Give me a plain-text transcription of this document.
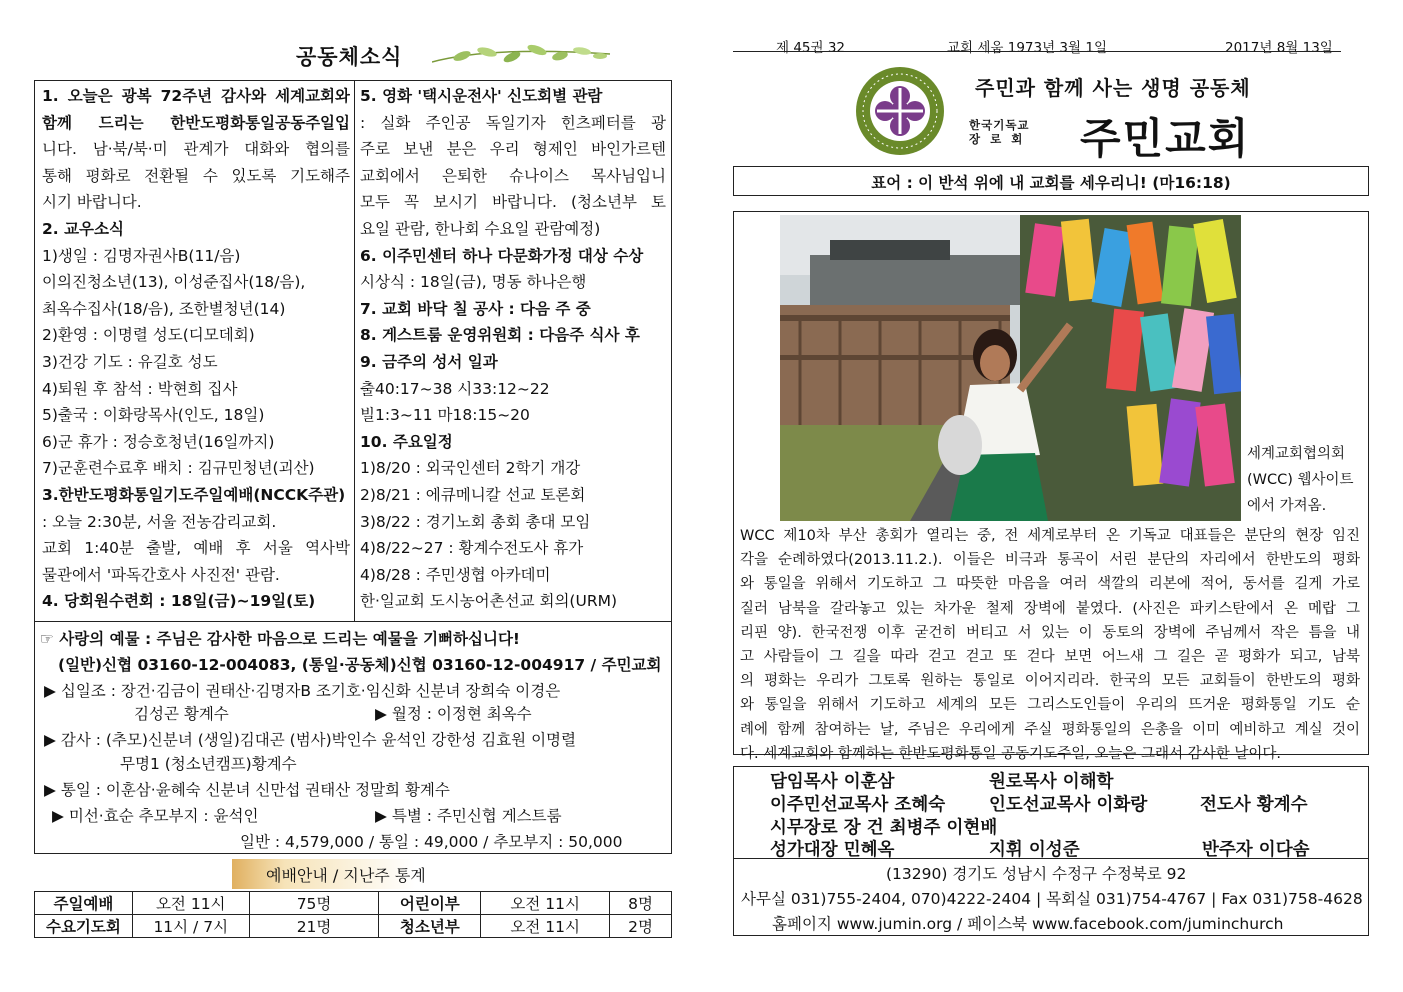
공동체소식
1. 오늘은 광복 72주년 감사와 세계교회와
함께 드리는 한반도평화통일공동주일입
니다. 남·북/북·미 관계가 대화와 협의를
통해 평화로 전환될 수 있도록 기도해주
시기 바랍니다.
2. 교우소식
1)생일 : 김명자권사B(11/음)
이의진청소년(13), 이성준집사(18/음),
최옥수집사(18/음), 조한별청년(14)
2)환영 : 이명렬 성도(디모데회)
3)건강 기도 : 유길호 성도
4)퇴원 후 참석 : 박현희 집사
5)출국 : 이화랑목사(인도, 18일)
6)군 휴가 : 정승호청년(16일까지)
7)군훈련수료후 배치 : 김규민청년(괴산)
3.한반도평화통일기도주일예배(NCCK주관)
: 오늘 2:30분, 서울 전농감리교회.
교회 1:40분 출발, 예배 후 서울 역사박
물관에서 '파독간호사 사진전' 관람.
4. 당회원수련회 : 18일(금)~19일(토)
5. 영화 '택시운전사' 신도회별 관람
: 실화 주인공 독일기자 힌츠페터를 광
주로 보낸 분은 우리 형제인 바인가르텐
교회에서 은퇴한 슈나이스 목사님입니
모두 꼭 보시기 바랍니다. (청소년부 토
요일 관람, 한나회 수요일 관람예정)
6. 이주민센터 하나 다문화가정 대상 수상
시상식 : 18일(금), 명동 하나은행
7. 교회 바닥 칠 공사 : 다음 주 중
8. 게스트룸 운영위원회 : 다음주 식사 후
9. 금주의 성서 일과
출40:17~38 시33:12~22
빌1:3~11 마18:15~20
10. 주요일정
1)8/20 : 외국인센터 2학기 개강
2)8/21 : 에큐메니칼 선교 토론회
3)8/22 : 경기노회 총회 총대 모임
4)8/22~27 : 황계수전도사 휴가
4)8/28 : 주민생협 아카데미
한·일교회 도시농어촌선교 회의(URM)
☞ 사랑의 예물 : 주님은 감사한 마음으로 드리는 예물을 기뻐하십니다!
(일반)신협 03160-12-004083, (통일·공동체)신협 03160-12-004917 / 주민교회
▶ 십일조 : 장건·김금이 권태산·김명자B 조기호·임신화 신분녀 장희숙 이경은
김성곤 황계수	▶ 월정 : 이정현 최옥수
▶ 감사 : (추모)신분녀 (생일)김대곤 (범사)박인수 윤석인 강한성 김효원 이명렬
무명1 (청소년캠프)황계수
▶ 통일 : 이훈삼·윤혜숙 신분녀 신만섭 권태산 정말희 황계수
▶ 미선·효순 추모부지 : 윤석인	▶ 특별 : 주민신협 게스트룸
일반 : 4,579,000 / 통일 : 49,000 / 추모부지 : 50,000
예배안내 / 지난주 통계
주일예배	오전 11시	75명	어린이부	오전 11시	8명
수요기도회	11시 / 7시	21명	청소년부	오전 11시	2명
제 45권 32	교회 세움 1973년 3월 1일	2017년 8월 13일
주민과 함께 사는 생명 공동체
한국기독교
장 로 회 주민교회
표어 : 이 반석 위에 내 교회를 세우리니! (마16:18)
세계교회협의회
(WCC) 웹사이트
에서 가져옴.
WCC 제10차 부산 총회가 열리는 중, 전 세계로부터 온 기독교 대표들은 분단의 현장 임진
각을 순례하였다(2013.11.2.). 이들은 비극과 통곡이 서린 분단의 자리에서 한반도의 평화
와 통일을 위해서 기도하고 그 따뜻한 마음을 여러 색깔의 리본에 적어, 동서를 길게 가로
질러 남북을 갈라놓고 있는 차가운 철제 장벽에 붙였다. (사진은 파키스탄에서 온 메랍 그
리핀 양). 한국전쟁 이후 굳건히 버티고 서 있는 이 동토의 장벽에 주님께서 작은 틈을 내
고 사람들이 그 길을 따라 걷고 걷고 또 걷다 보면 어느새 그 길은 곧 평화가 되고, 남북
의 평화는 우리가 그토록 원하는 통일로 이어지리라. 한국의 모든 교회들이 한반도의 평화
와 통일을 위해서 기도하고 세계의 모든 그리스도인들이 우리의 뜨거운 평화통일 기도 순
례에 함께 참여하는 날, 주님은 우리에게 주실 평화통일의 은총을 이미 예비하고 계실 것이
다. 세계교회와 함께하는 한반도평화통일 공동기도주일, 오늘은 그래서 감사한 날이다.
담임목사 이훈삼	원로목사 이해학
이주민선교목사 조혜숙	인도선교목사 이화랑	전도사 황계수
시무장로 장 건 최병주 이현배
성가대장 민혜옥	지휘 이성준	반주자 이다솜
(13290) 경기도 성남시 수정구 수정북로 92
사무실 031)755-2404, 070)4222-2404 | 목회실 031)754-4767 | Fax 031)758-4628
홈페이지 www.jumin.org / 페이스북 www.facebook.com/juminchurch
